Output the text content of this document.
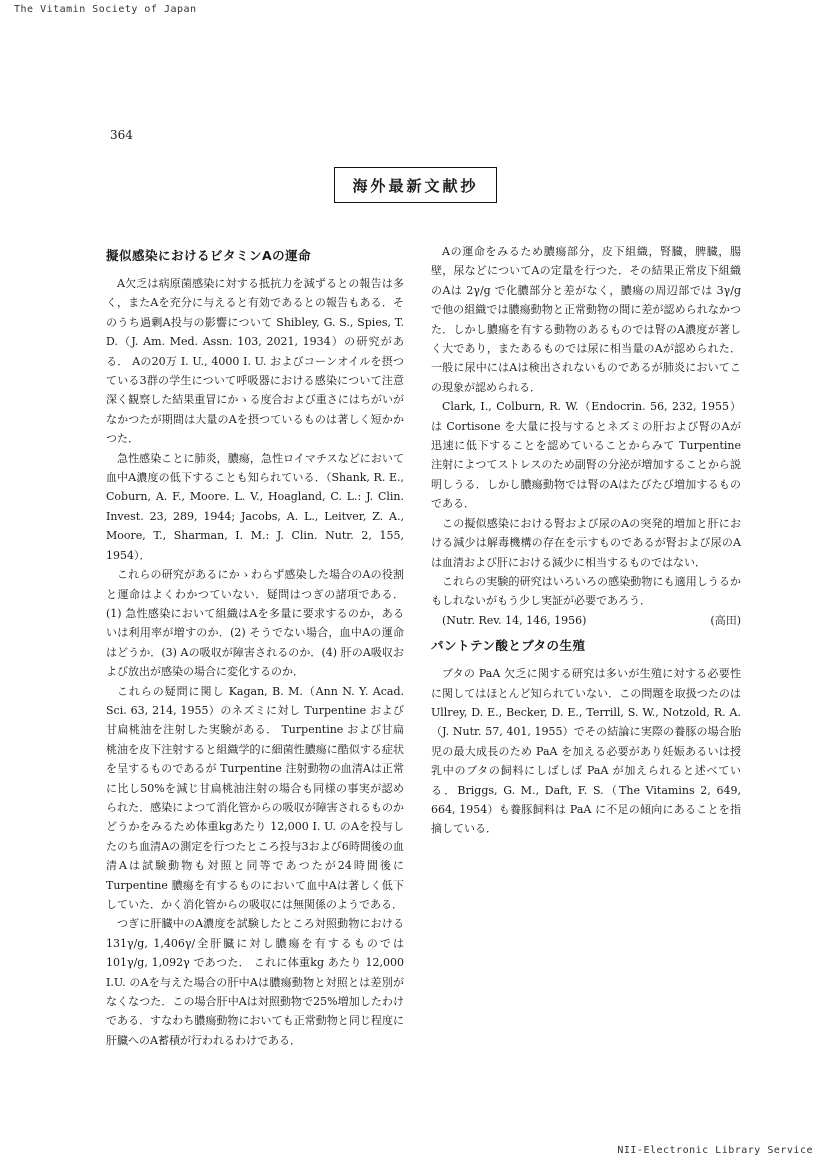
The Vitamin Society of Japan
364
海外最新文献抄
擬似感染におけるビタミンAの運命

A欠乏は病原菌感染に対する抵抗力を減ずるとの報告は多く，またAを充分に与えると有効であるとの報告もある．そのうち過剰A投与の影響について Shibley, G. S., Spies, T. D.（J. Am. Med. Assn. 103, 2021, 1934）の研究がある． Aの20万 I. U., 4000 I. U. およびコーンオイルを摂つている3群の学生について呼吸器における感染について注意深く観察した結果重冒にかゝる度合および重さにはちがいがなかつたが期間は大量のAを摂つているものは著しく短かかつた．

急性感染ことに肺炎，膿瘍，急性ロイマチスなどにおいて血中A濃度の低下することも知られている．（Shank, R. E., Coburn, A. F., Moore. L. V., Hoagland, C. L.: J. Clin. Invest. 23, 289, 1944; Jacobs, A. L., Leitver, Z. A., Moore, T., Sharman, I. M.: J. Clin. Nutr. 2, 155, 1954）．

これらの研究があるにかゝわらず感染した場合のAの役割と運命はよくわかつていない．疑問はつぎの諸項である．(1) 急性感染において組織はAを多量に要求するのか，あるいは利用率が増すのか．(2) そうでない場合，血中Aの運命はどうか．(3) Aの吸収が障害されるのか．(4) 肝のA吸収および放出が感染の場合に変化するのか．

これらの疑問に関し Kagan, B. M.（Ann N. Y. Acad. Sci. 63, 214, 1955）のネズミに対し Turpentine および甘扁桃油を注射した実験がある． Turpentine および甘扁桃油を皮下注射すると組織学的に細菌性膿瘍に酷似する症状を呈するものであるが Turpentine 注射動物の血清Aは正常に比し50%を減じ甘扁桃油注射の場合も同様の事実が認められた．感染によつて消化管からの吸収が障害されるものかどうかをみるため体重kgあたり 12,000 I. U. のAを投与したのち血清Aの測定を行つたところ投与3および6時間後の血清Aは試験動物も対照と同等であつたが24時間後に Turpentine 膿瘍を有するものにおいて血中Aは著しく低下していた．かく消化管からの吸収には無関係のようである．

つぎに肝臓中のA濃度を試験したところ対照動物における 131γ/g, 1,406γ/全肝臓に対し膿瘍を有するものでは 101γ/g, 1,092γ であつた． これに体重kg あたり 12,000 I.U. のAを与えた場合の肝中Aは膿瘍動物と対照とは差別がなくなつた．この場合肝中Aは対照動物で25%増加したわけである．すなわち膿瘍動物においても正常動物と同じ程度に肝臓へのA蓄積が行われるわけである．

Aの運命をみるため膿瘍部分，皮下組織，腎臓，脾臓，腸壁，尿などについてAの定量を行つた．その結果正常皮下組織のAは 2γ/g で化膿部分と差がなく，膿瘍の周辺部では 3γ/g で他の組織では膿瘍動物と正常動物の間に差が認められなかつた．しかし膿瘍を有する動物のあるものでは腎のA濃度が著しく大であり，またあるものでは尿に相当量のAが認められた．一般に尿中にはAは検出されないものであるが肺炎においてこの現象が認められる．

Clark, I., Colburn, R. W.（Endocrin. 56, 232, 1955）は Cortisone を大量に投与するとネズミの肝および腎のAが迅速に低下することを認めていることからみて Turpentine 注射によつてストレスのため副腎の分泌が増加することから説明しうる．しかし膿瘍動物では腎のAはたびたび増加するものである．

この擬似感染における腎および尿のAの突発的増加と肝における減少は解毒機構の存在を示すものであるが腎および尿のAは血清および肝における減少に相当するものではない．

これらの実験的研究はいろいろの感染動物にも適用しうるかもしれないがもう少し実証が必要であろう．

(Nutr. Rev. 14, 146, 1956)	(高田)

パントテン酸とブタの生殖

ブタの PaA 欠乏に関する研究は多いが生殖に対する必要性に関してはほとんど知られていない．この問題を取扱つたのは Ullrey, D. E., Becker, D. E., Terrill, S. W., Notzold, R. A.（J. Nutr. 57, 401, 1955）でその結論に実際の養豚の場合胎児の最大成長のため PaA を加える必要があり妊娠あるいは授乳中のブタの飼料にしばしば PaA が加えられると述べている．Briggs, G. M., Daft, F. S.（The Vitamins 2, 649, 664, 1954）も養豚飼料は PaA に不足の傾向にあることを指摘している．

NII-Electronic Library Service
